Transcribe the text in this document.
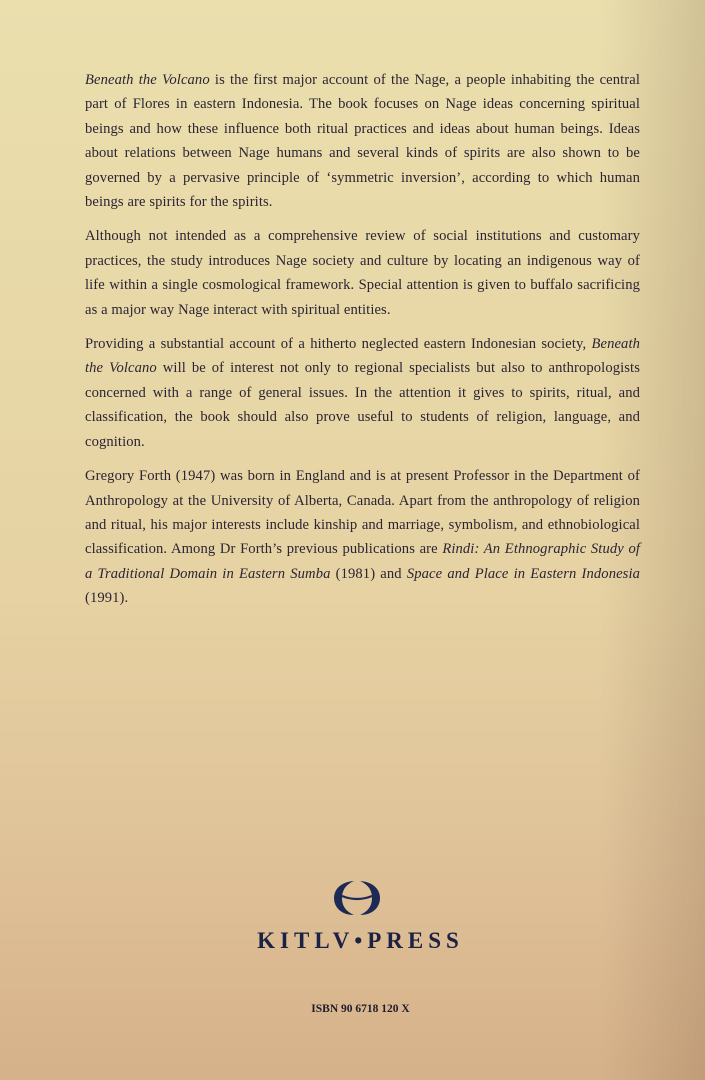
Beneath the Volcano is the first major account of the Nage, a people inhabiting the central part of Flores in eastern Indonesia. The book focuses on Nage ideas concerning spiritual beings and how these influence both ritual practices and ideas about human beings. Ideas about relations between Nage humans and several kinds of spirits are also shown to be governed by a pervasive principle of ‘symmetric inversion’, according to which human beings are spirits for the spirits.

Although not intended as a comprehensive review of social institutions and customary practices, the study introduces Nage society and culture by locating an indigenous way of life within a single cosmological framework. Special attention is given to buffalo sacrificing as a major way Nage interact with spiritual entities.

Providing a substantial account of a hitherto neglected eastern Indonesian society, Beneath the Volcano will be of interest not only to regional specialists but also to anthropologists concerned with a range of general issues. In the attention it gives to spirits, ritual, and classification, the book should also prove useful to students of religion, language, and cognition.

Gregory Forth (1947) was born in England and is at present Professor in the Department of Anthropology at the University of Alberta, Canada. Apart from the anthropology of religion and ritual, his major interests include kinship and marriage, symbolism, and ethnobiological classification. Among Dr Forth’s previous publications are Rindi: An Ethnographic Study of a Traditional Domain in Eastern Sumba (1981) and Space and Place in Eastern Indonesia (1991).

KITLV•PRESS
ISBN 90 6718 120 X
